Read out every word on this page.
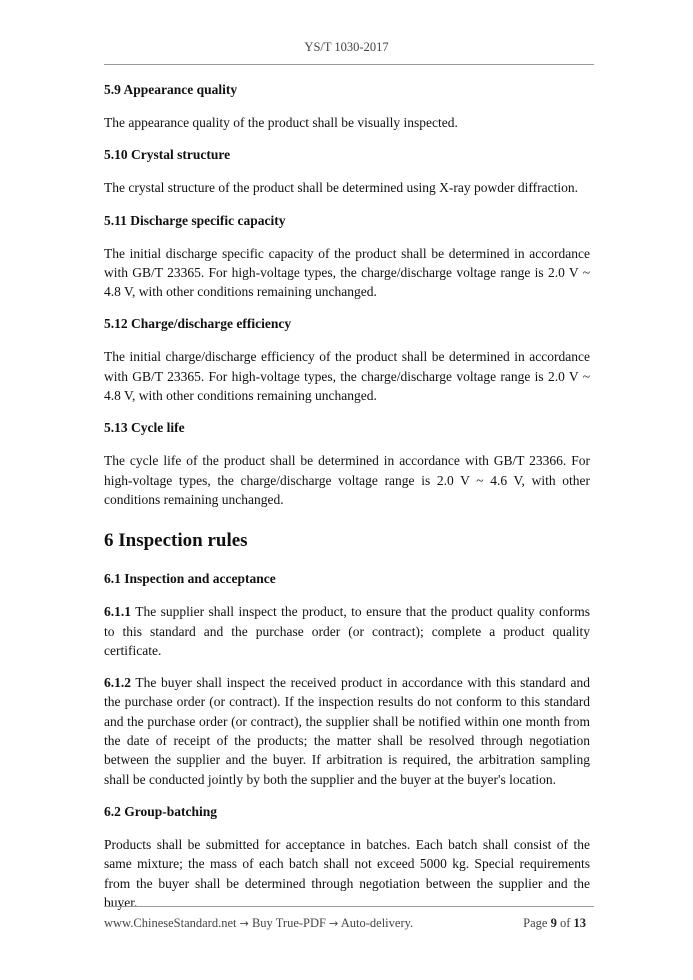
YS/T 1030-2017
5.9 Appearance quality
The appearance quality of the product shall be visually inspected.
5.10 Crystal structure
The crystal structure of the product shall be determined using X-ray powder diffraction.
5.11 Discharge specific capacity
The initial discharge specific capacity of the product shall be determined in accordance with GB/T 23365. For high-voltage types, the charge/discharge voltage range is 2.0 V ~ 4.8 V, with other conditions remaining unchanged.
5.12 Charge/discharge efficiency
The initial charge/discharge efficiency of the product shall be determined in accordance with GB/T 23365. For high-voltage types, the charge/discharge voltage range is 2.0 V ~ 4.8 V, with other conditions remaining unchanged.
5.13 Cycle life
The cycle life of the product shall be determined in accordance with GB/T 23366. For high-voltage types, the charge/discharge voltage range is 2.0 V ~ 4.6 V, with other conditions remaining unchanged.
6 Inspection rules
6.1 Inspection and acceptance
6.1.1 The supplier shall inspect the product, to ensure that the product quality conforms to this standard and the purchase order (or contract); complete a product quality certificate.
6.1.2 The buyer shall inspect the received product in accordance with this standard and the purchase order (or contract). If the inspection results do not conform to this standard and the purchase order (or contract), the supplier shall be notified within one month from the date of receipt of the products; the matter shall be resolved through negotiation between the supplier and the buyer. If arbitration is required, the arbitration sampling shall be conducted jointly by both the supplier and the buyer at the buyer's location.
6.2 Group-batching
Products shall be submitted for acceptance in batches. Each batch shall consist of the same mixture; the mass of each batch shall not exceed 5000 kg. Special requirements from the buyer shall be determined through negotiation between the supplier and the buyer.
www.ChineseStandard.net → Buy True-PDF → Auto-delivery.	Page 9 of 13
